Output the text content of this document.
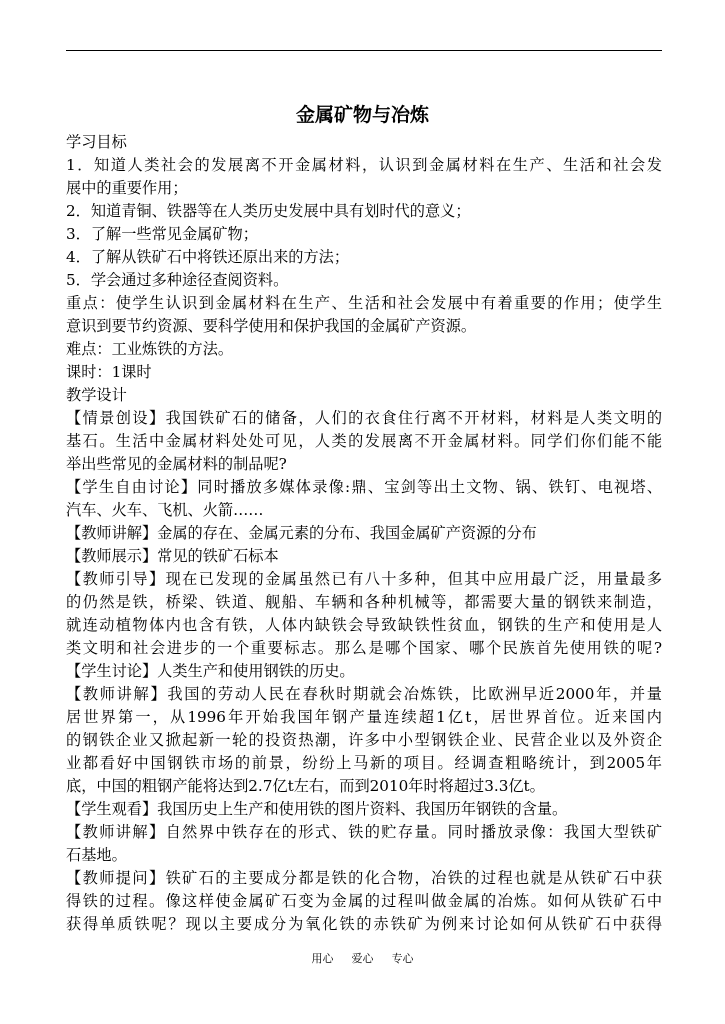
金属矿物与冶炼
学习目标
1．知道人类社会的发展离不开金属材料，认识到金属材料在生产、生活和社会发
展中的重要作用；
2．知道青铜、铁器等在人类历史发展中具有划时代的意义；
3．了解一些常见金属矿物；
4．了解从铁矿石中将铁还原出来的方法；
5．学会通过多种途径查阅资料。
重点：使学生认识到金属材料在生产、生活和社会发展中有着重要的作用；使学生
意识到要节约资源、要科学使用和保护我国的金属矿产资源。
难点：工业炼铁的方法。
课时：1课时
教学设计
【情景创设】我国铁矿石的储备，人们的衣食住行离不开材料，材料是人类文明的
基石。生活中金属材料处处可见，人类的发展离不开金属材料。同学们你们能不能
举出些常见的金属材料的制品呢?
【学生自由讨论】同时播放多媒体录像:鼎、宝剑等出土文物、锅、铁钉、电视塔、
汽车、火车、飞机、火箭……
【教师讲解】金属的存在、金属元素的分布、我国金属矿产资源的分布
【教师展示】常见的铁矿石标本
【教师引导】现在已发现的金属虽然已有八十多种，但其中应用最广泛，用量最多
的仍然是铁，桥梁、铁道、舰船、车辆和各种机械等，都需要大量的钢铁来制造，
就连动植物体内也含有铁，人体内缺铁会导致缺铁性贫血，钢铁的生产和使用是人
类文明和社会进步的一个重要标志。那么是哪个国家、哪个民族首先使用铁的呢?
【学生讨论】人类生产和使用钢铁的历史。
【教师讲解】我国的劳动人民在春秋时期就会冶炼铁，比欧洲早近2000年，并量
居世界第一，从1996年开始我国年钢产量连续超1亿t，居世界首位。近来国内
的钢铁企业又掀起新一轮的投资热潮，许多中小型钢铁企业、民营企业以及外资企
业都看好中国钢铁市场的前景，纷纷上马新的项目。经调查粗略统计，到2005年
底，中国的粗钢产能将达到2.7亿t左右，而到2010年时将超过3.3亿t。
【学生观看】我国历史上生产和使用铁的图片资料、我国历年钢铁的含量。
【教师讲解】自然界中铁存在的形式、铁的贮存量。同时播放录像：我国大型铁矿
石基地。
【教师提问】铁矿石的主要成分都是铁的化合物，冶铁的过程也就是从铁矿石中获
得铁的过程。像这样使金属矿石变为金属的过程叫做金属的冶炼。如何从铁矿石中
获得单质铁呢？现以主要成分为氧化铁的赤铁矿为例来讨论如何从铁矿石中获得
用心 爱心 专心
